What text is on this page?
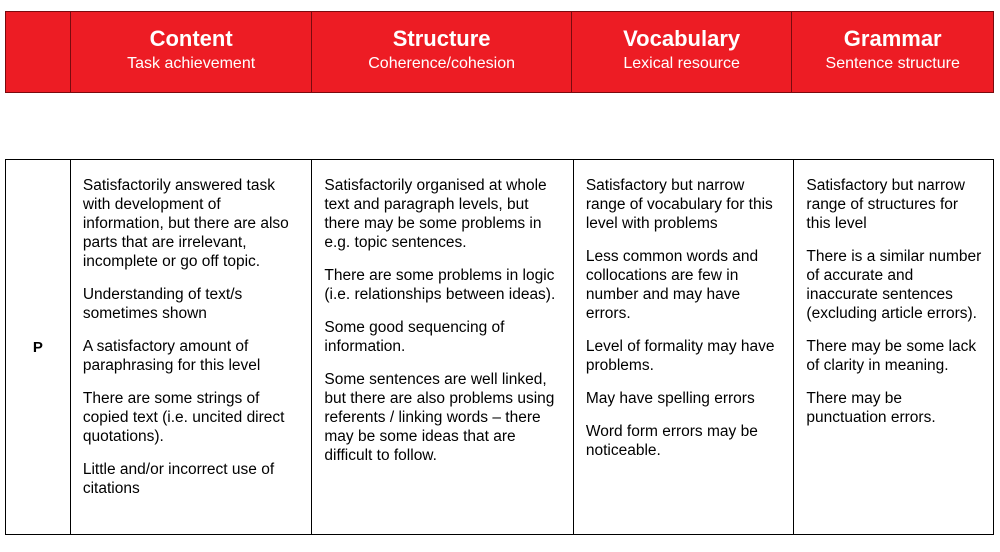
Content
Task achievement
Structure
Coherence/cohesion
Vocabulary
Lexical resource
Grammar
Sentence structure
P

Satisfactorily answered task with development of information, but there are also parts that are irrelevant, incomplete or go off topic.

Understanding of text/s sometimes shown

A satisfactory amount of paraphrasing for this level

There are some strings of copied text (i.e. uncited direct quotations).

Little and/or incorrect use of citations

Satisfactorily organised at whole text and paragraph levels, but there may be some problems in e.g. topic sentences.

There are some problems in logic (i.e. relationships between ideas).

Some good sequencing of information.

Some sentences are well linked, but there are also problems using referents / linking words – there may be some ideas that are difficult to follow.

Satisfactory but narrow range of vocabulary for this level with problems

Less common words and collocations are few in number and may have errors.

Level of formality may have problems.

May have spelling errors

Word form errors may be noticeable.

Satisfactory but narrow range of structures for this level

There is a similar number of accurate and inaccurate sentences (excluding article errors).

There may be some lack of clarity in meaning.

There may be punctuation errors.
